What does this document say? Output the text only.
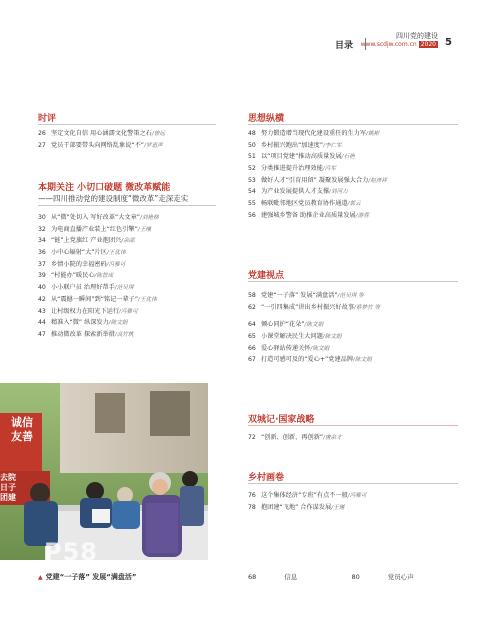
目录
四川党的建设
www.scdjw.com.cn 2020 5
时评
26 坚定文化自信 用心涵濡文化警策之石/曾远
27 党员干部要带头向网络乱象说“不”/罗惠声
本期关注 小切口破题 微改革赋能
——四川推动党的建设制度“微改革”走深走实
30 从“微”处切入 写好改革“大文章”/刘艳格
32 为电商直播产业装上“红色引擎”/王瑾
34 “链”上党旗红 产业抱团兴/余邵
36 小中心辐射“大”片区/王优伟
37 乡情小院的幸福密码/冯雅可
39 “村能办”暖民心/陈智成
40 小小联户员 治理好帮手/范吴琪
42 从“震撼一瞬间”到“铭记一辈子”/王优伟
43 让村级权力在阳光下运行/冯雅可
44 精准入“微” 纵深发力/陈文娟
47 推动微改革 探索新举措/高竹筑
思想纵横
48 努力锻造增当现代化建设重任的生力军/姚彬
50 乡村振兴跑出“加速度”/李仁军
51 以“项目党建”推动高质量发展/石艳
52 分类推进提升治理效能/冯军
53 做好人才“引育用留” 凝聚发展强大合力/赵彦祥
54 为产业发展提供人才支撑/刘河力
55 畅联毗邻地区党员教育协作通道/郭云
56 建强城乡警备 助推企业高质量发展/游蓉
党建视点
58 党建“一子落” 发展“满盘活”/范吴琪 等
62 “一引四集成”讲出乡村振兴好故事/蔡梦竹 等
64 倾心同护“花朵”/陈文娟
65 小课堂解决民生大问题/陈文娟
66 爱心驿站传递关怀/陈文娟
67 打造可感可及的“爱心+”党建品牌/陈文娟
双城记·国家战略
72 “创新、创新、再创新”/唐余才
乡村画卷
76 这个集体经济“专班”有点不一般/冯雅可
78 抱团建“飞地” 合作谋发展/王瑾
诚信
友善
去院
日子
团建
P58
▲ 党建“一子落” 发展“满盘活”	68	信息	80	党员心声
